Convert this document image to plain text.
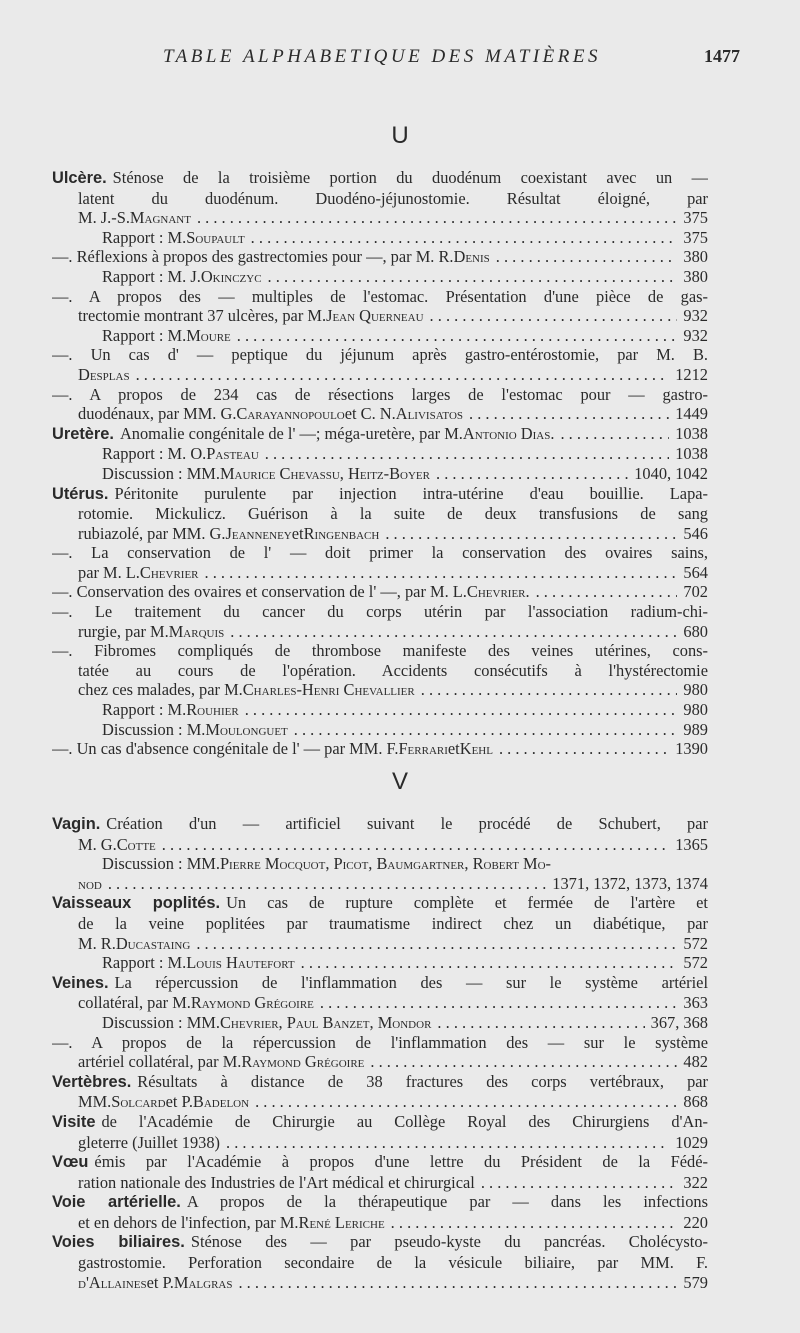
TABLE ALPHABETIQUE DES MATIÈRES	1477
U
Ulcère. Sténose de la troisième portion du duodénum coexistant avec un —
latent du duodénum. Duodéno-jéjunostomie. Résultat éloigné, par
M. J.-S. Magnant . . .	375
Rapport : M. Soupault . . .	375
—. Réflexions à propos des gastrectomies pour —, par M. R. Denis . . .	380
Rapport : M. J. Okinczyc . . .	380
—. A propos des — multiples de l'estomac. Présentation d'une pièce de gas-
trectomie montrant 37 ulcères, par M. Jean Querneau . . .	932
Rapport : M. Moure . . .	932
—. Un cas d' — peptique du jéjunum après gastro-entérostomie, par M. B.
Desplas . . .	1212
—. A propos de 234 cas de résections larges de l'estomac pour — gastro-
duodénaux, par MM. G. Carayannopoulo et C. N. Alivisatos . . .	1449
Uretère. Anomalie congénitale de l' —; méga-uretère, par M. Antonio Dias. . . .	1038
Rapport : M. O. Pasteau . . .	1038
Discussion : MM. Maurice Chevassu, Heitz-Boyer . . .	1040, 1042
Utérus. Péritonite purulente par injection intra-utérine d'eau bouillie. Lapa-
rotomie. Mickulicz. Guérison à la suite de deux transfusions de sang
rubiazolé, par MM. G. Jeanneney et Ringenbach . . .	546
—. La conservation de l' — doit primer la conservation des ovaires sains,
par M. L. Chevrier . . .	564
—. Conservation des ovaires et conservation de l' —, par M. L. Chevrier. . . .	702
—. Le traitement du cancer du corps utérin par l'association radium-chi-
rurgie, par M. Marquis . . .	680
—. Fibromes compliqués de thrombose manifeste des veines utérines, cons-
tatée au cours de l'opération. Accidents consécutifs à l'hystérectomie
chez ces malades, par M. Charles-Henri Chevallier . . .	980
Rapport : M. Rouhier . . .	980
Discussion : M. Moulonguet . . .	989
—. Un cas d'absence congénitale de l' — par MM. F. Ferrari et Kehl . . .	1390
V
Vagin. Création d'un — artificiel suivant le procédé de Schubert, par
M. G. Cotte . . .	1365
Discussion : MM. Pierre Mocquot, Picot, Baumgartner, Robert Mo-
nod . . .	1371, 1372, 1373, 1374
Vaisseaux poplités. Un cas de rupture complète et fermée de l'artère et
de la veine poplitées par traumatisme indirect chez un diabétique, par
M. R. Ducastaing . . .	572
Rapport : M. Louis Hautefort . . .	572
Veines. La répercussion de l'inflammation des — sur le système artériel
collatéral, par M. Raymond Grégoire . . .	363
Discussion : MM. Chevrier, Paul Banzet, Mondor . . .	367, 368
—. A propos de la répercussion de l'inflammation des — sur le système
artériel collatéral, par M. Raymond Grégoire . . .	482
Vertèbres. Résultats à distance de 38 fractures des corps vertébraux, par
MM. Solcard et P. Badelon . . .	868
Visite de l'Académie de Chirurgie au Collège Royal des Chirurgiens d'An-
gleterre (Juillet 1938) . . .	1029
Vœu émis par l'Académie à propos d'une lettre du Président de la Fédé-
ration nationale des Industries de l'Art médical et chirurgical . . .	322
Voie artérielle. A propos de la thérapeutique par — dans les infections
et en dehors de l'infection, par M. René Leriche . . .	220
Voies biliaires. Sténose des — par pseudo-kyste du pancréas. Cholécysto-
gastrostomie. Perforation secondaire de la vésicule biliaire, par MM. F.
d'Allaines et P. Malgras . . .	579
